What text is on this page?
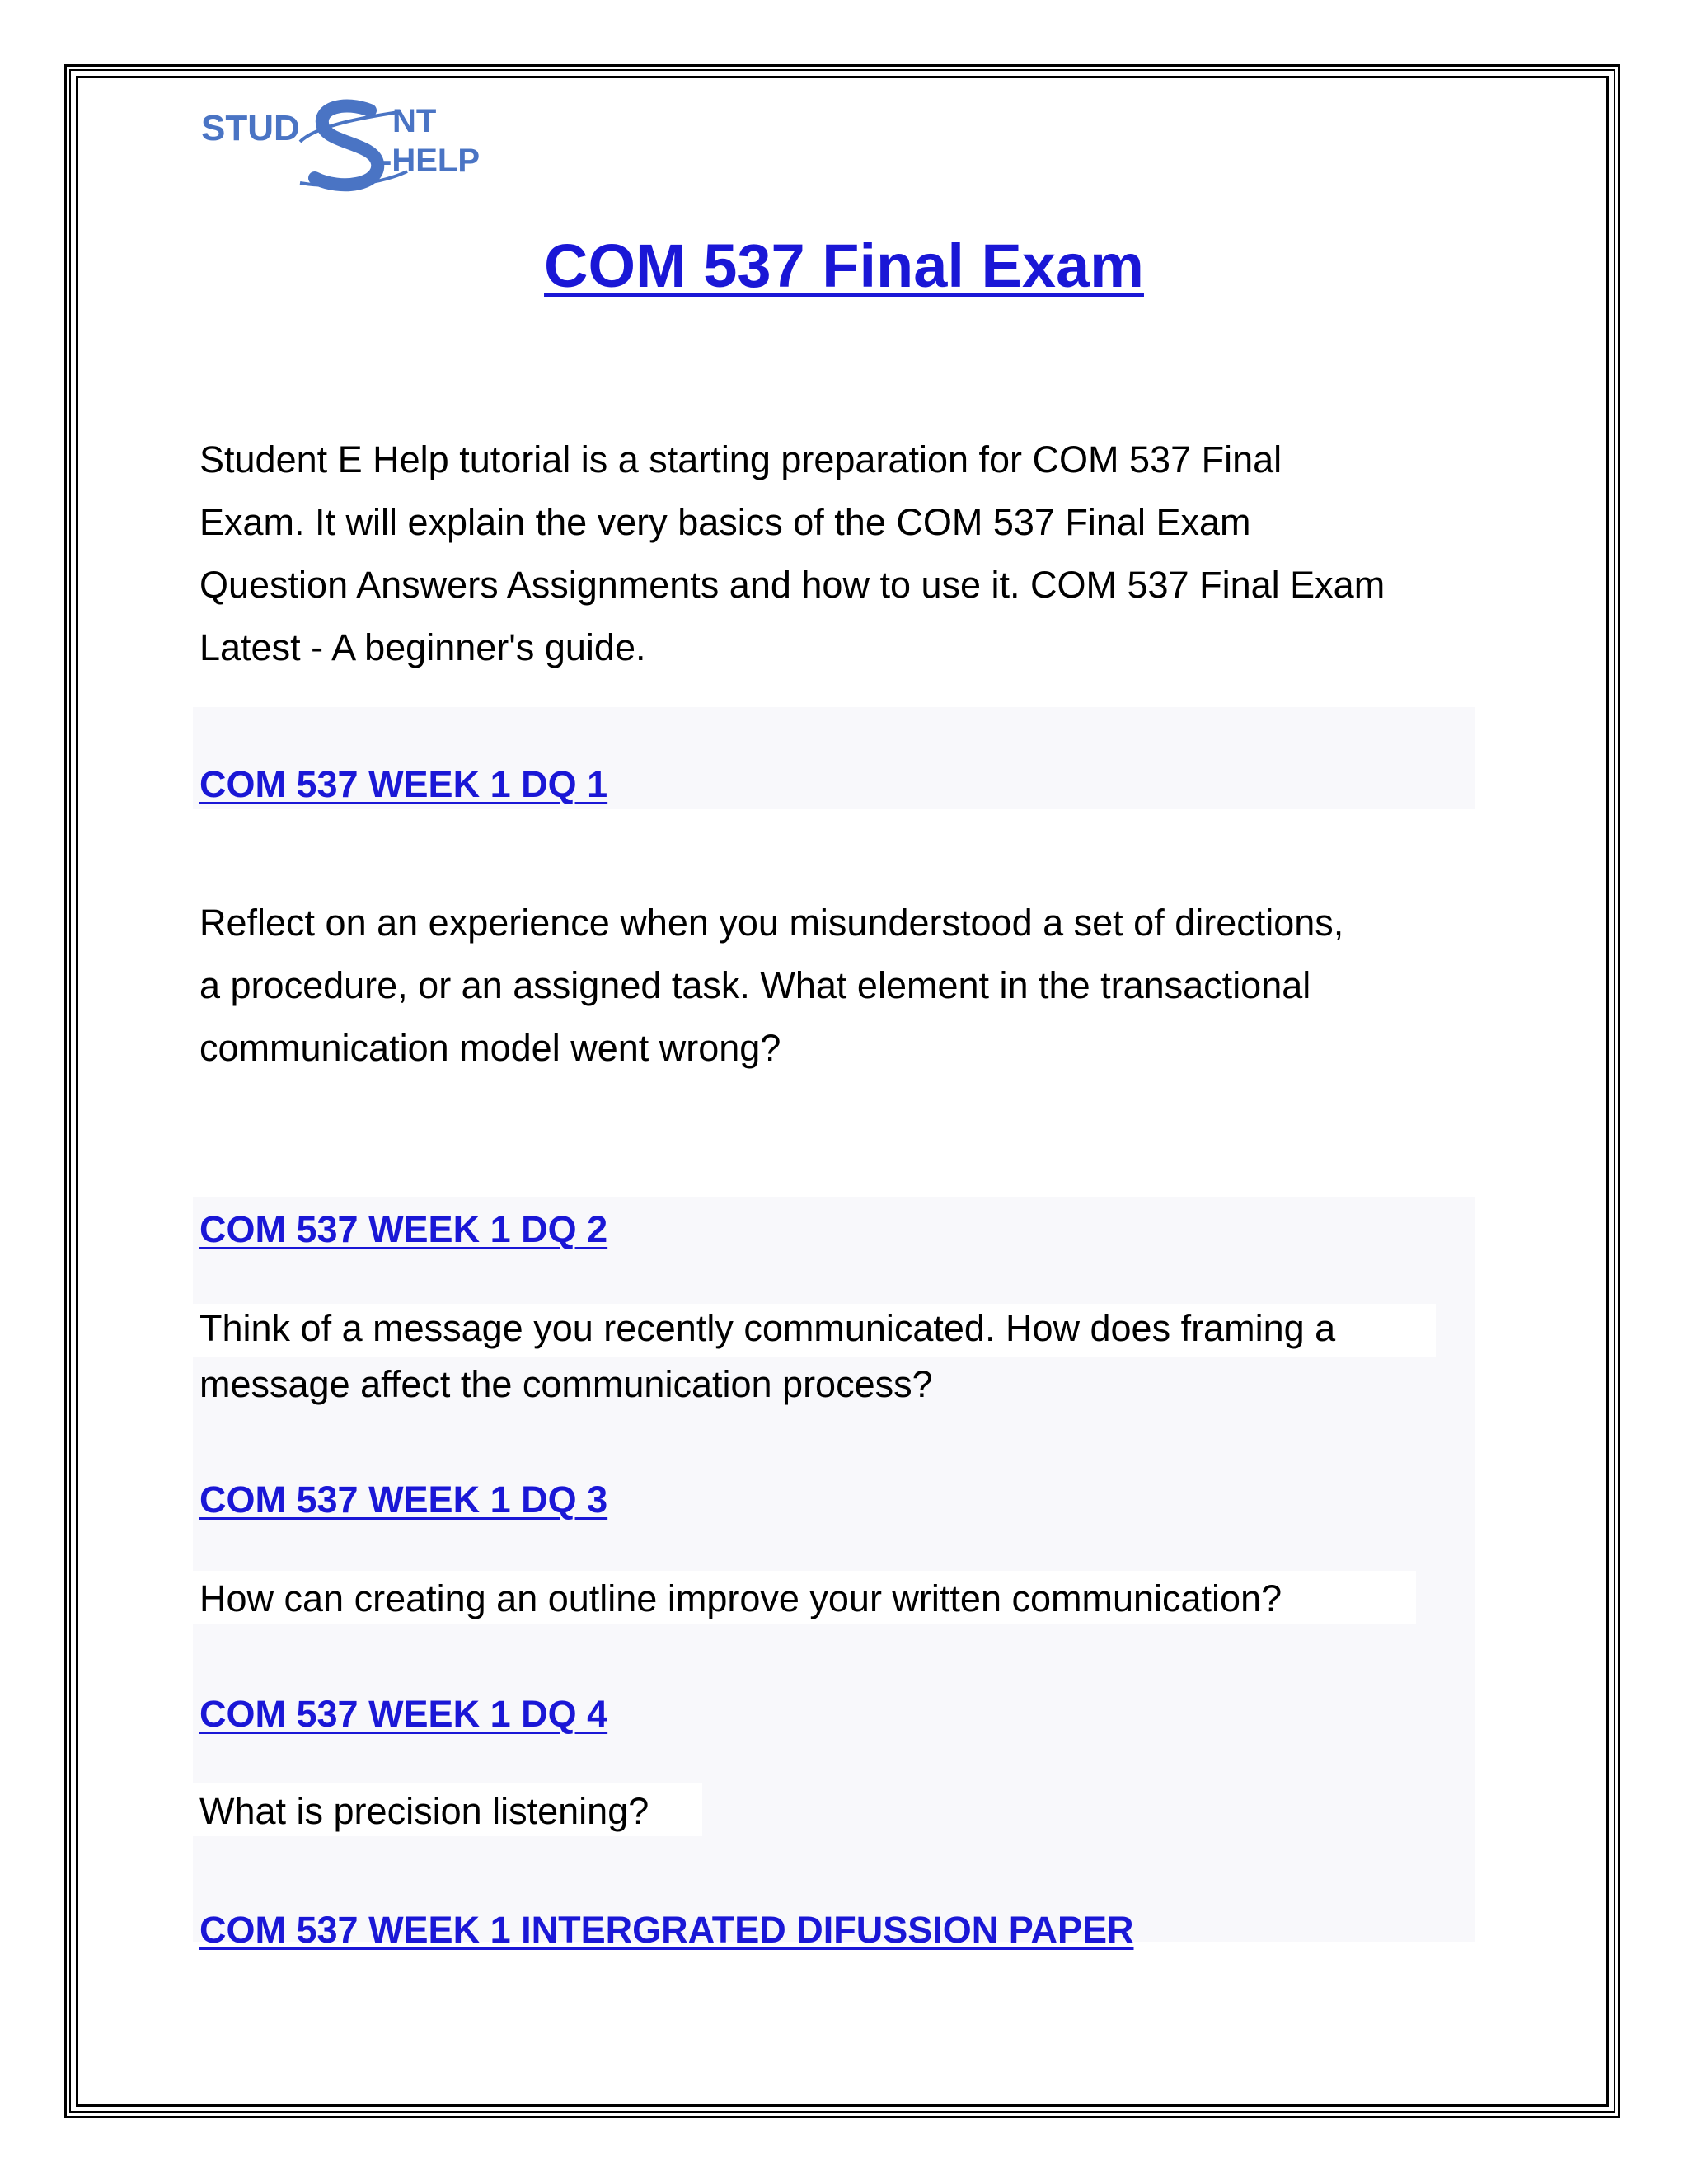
STUD	NT
-HELP
COM 537 Final Exam

Student E Help tutorial is a starting preparation for COM 537 Final
Exam. It will explain the very basics of the COM 537 Final Exam
Question Answers Assignments and how to use it. COM 537 Final Exam
Latest - A beginner's guide.

COM 537 WEEK 1 DQ 1

Reflect on an experience when you misunderstood a set of directions,
a procedure, or an assigned task. What element in the transactional
communication model went wrong?

COM 537 WEEK 1 DQ 2

Think of a message you recently communicated. How does framing a
message affect the communication process?

COM 537 WEEK 1 DQ 3

How can creating an outline improve your written communication?

COM 537 WEEK 1 DQ 4

What is precision listening?

COM 537 WEEK 1 INTERGRATED DIFUSSION PAPER
